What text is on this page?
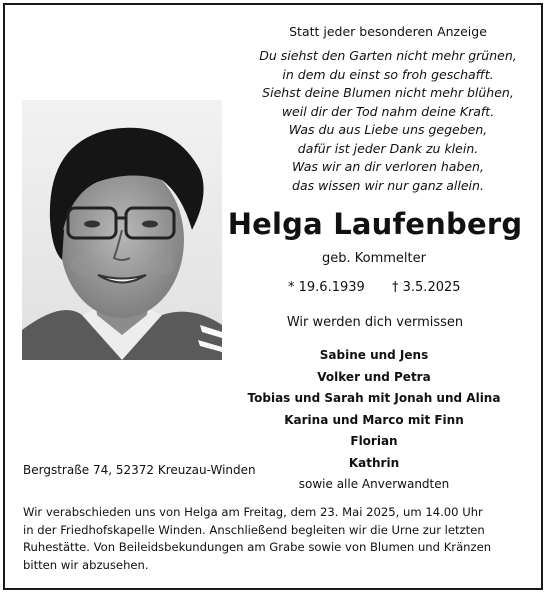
Statt jeder besonderen Anzeige
Du siehst den Garten nicht mehr grünen,
in dem du einst so froh geschafft.
Siehst deine Blumen nicht mehr blühen,
weil dir der Tod nahm deine Kraft.
Was du aus Liebe uns gegeben,
dafür ist jeder Dank zu klein.
Was wir an dir verloren haben,
das wissen wir nur ganz allein.
Helga Laufenberg
geb. Kommelter
* 19.6.1939 † 3.5.2025
Wir werden dich vermissen
Sabine und Jens
Volker und Petra
Tobias und Sarah mit Jonah und Alina
Karina und Marco mit Finn
Florian
Kathrin
sowie alle Anverwandten
Bergstraße 74, 52372 Kreuzau-Winden
Wir verabschieden uns von Helga am Freitag, dem 23. Mai 2025, um 14.00 Uhr
in der Friedhofskapelle Winden. Anschließend begleiten wir die Urne zur letzten
Ruhestätte. Von Beileidsbekundungen am Grabe sowie von Blumen und Kränzen
bitten wir abzusehen.
